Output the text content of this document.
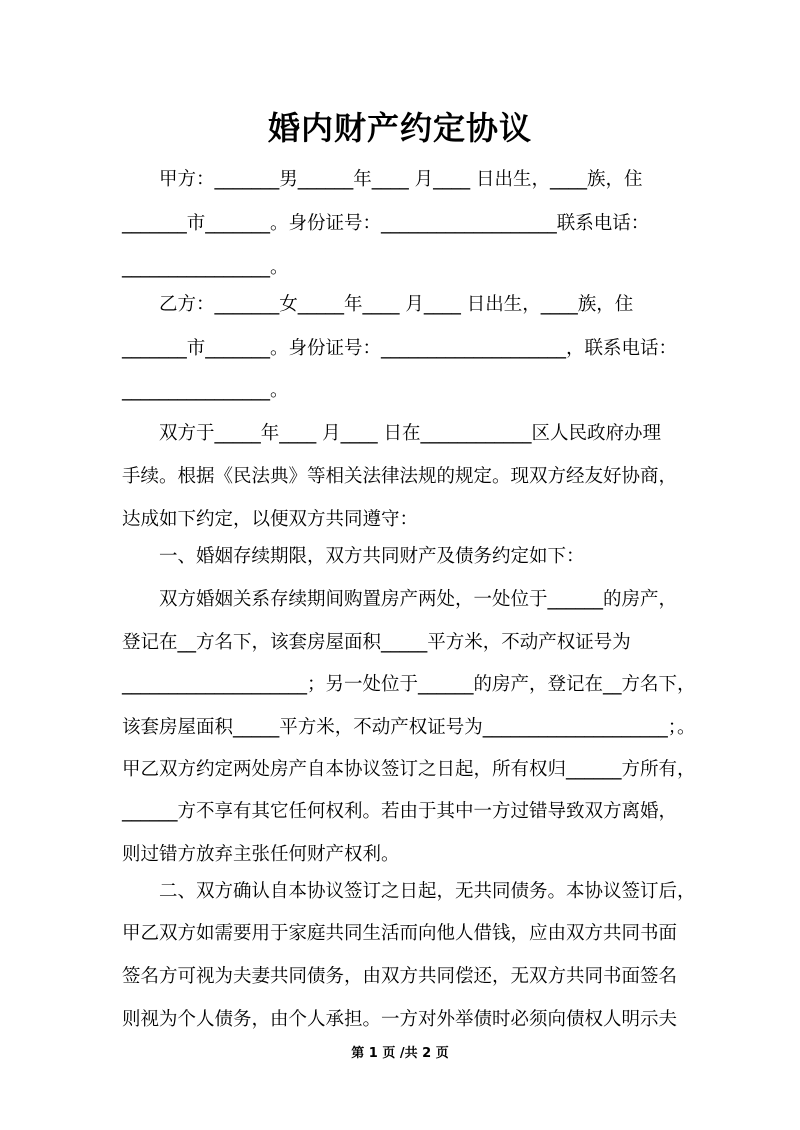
婚内财产约定协议
　　甲方：_______男______年____ 月____ 日出生，____族，住
_______市_______。身份证号：___________________联系电话：
________________。
　　乙方：_______女_____年____ 月____ 日出生，____族，住
_______市_______。身份证号：____________________，联系电话：
________________。
　　双方于_____年____ 月____ 日在____________区人民政府办理
手续。根据《民法典》等相关法律法规的规定。现双方经友好协商，
达成如下约定，以便双方共同遵守：
　　一、婚姻存续期限，双方共同财产及债务约定如下：
　　双方婚姻关系存续期间购置房产两处，一处位于______的房产，
登记在__方名下，该套房屋面积_____平方米，不动产权证号为
____________________；另一处位于______的房产，登记在__方名下，
该套房屋面积_____平方米，不动产权证号为____________________；。
甲乙双方约定两处房产自本协议签订之日起，所有权归______方所有，
______方不享有其它任何权利。若由于其中一方过错导致双方离婚，
则过错方放弃主张任何财产权利。
　　二、双方确认自本协议签订之日起，无共同债务。本协议签订后，
甲乙双方如需要用于家庭共同生活而向他人借钱，应由双方共同书面
签名方可视为夫妻共同债务，由双方共同偿还，无双方共同书面签名
则视为个人债务，由个人承担。一方对外举债时必须向债权人明示夫
第 1 页 /共 2 页
